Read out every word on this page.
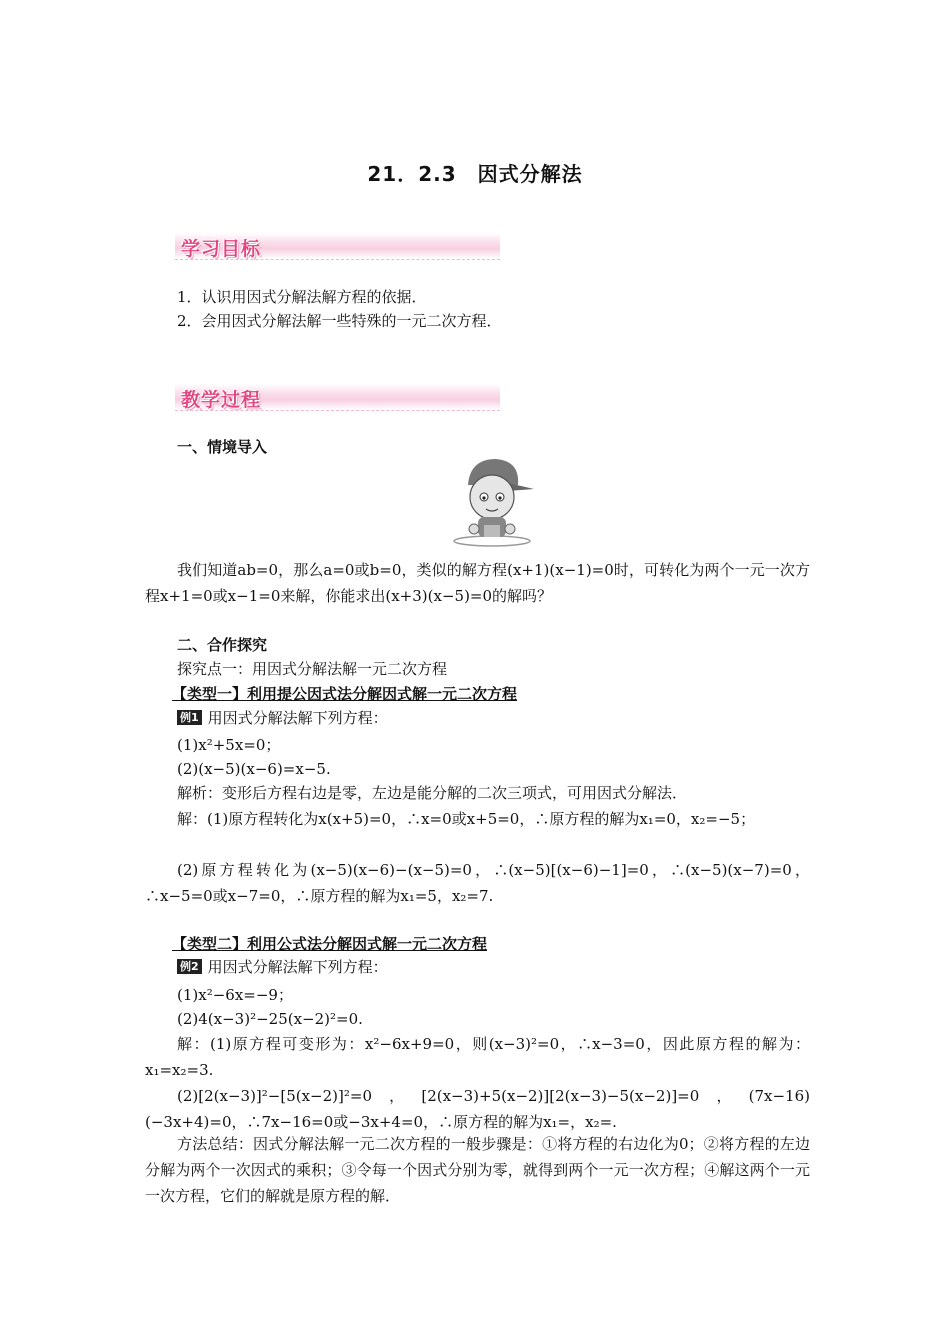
21．2.3　因式分解法
学习目标
1．认识用因式分解法解方程的依据．
2．会用因式分解法解一些特殊的一元二次方程．
教学过程
一、情境导入
我们知道ab=0，那么a=0或b=0，类似的解方程(x+1)(x−1)=0时，可转化为两个一元一次方程x+1=0或x−1=0来解，你能求出(x+3)(x−5)=0的解吗？
二、合作探究
探究点一：用因式分解法解一元二次方程
【类型一】利用提公因式法分解因式解一元二次方程
例1 用因式分解法解下列方程：
(1)x²+5x=0；
(2)(x−5)(x−6)=x−5.
解析：变形后方程右边是零，左边是能分解的二次三项式，可用因式分解法．
解：(1)原方程转化为x(x+5)=0，∴x=0或x+5=0，∴原方程的解为x₁=0，x₂=−5；
(2)原方程转化为(x−5)(x−6)−(x−5)=0，∴(x−5)[(x−6)−1]=0，∴(x−5)(x−7)=0，∴x−5=0或x−7=0，∴原方程的解为x₁=5，x₂=7.
【类型二】利用公式法分解因式解一元二次方程
例2 用因式分解法解下列方程：
(1)x²−6x=−9；
(2)4(x−3)²−25(x−2)²=0.
解：(1)原方程可变形为：x²−6x+9=0，则(x−3)²=0，∴x−3=0，因此原方程的解为：x₁=x₂=3.
(2)[2(x−3)]²−[5(x−2)]²=0，[2(x−3)+5(x−2)][2(x−3)−5(x−2)]=0，(7x−16)(−3x+4)=0，∴7x−16=0或−3x+4=0，∴原方程的解为x₁=，x₂=.
方法总结：因式分解法解一元二次方程的一般步骤是：①将方程的右边化为0；②将方程的左边分解为两个一次因式的乘积；③令每一个因式分别为零，就得到两个一元一次方程；④解这两个一元一次方程，它们的解就是原方程的解．
